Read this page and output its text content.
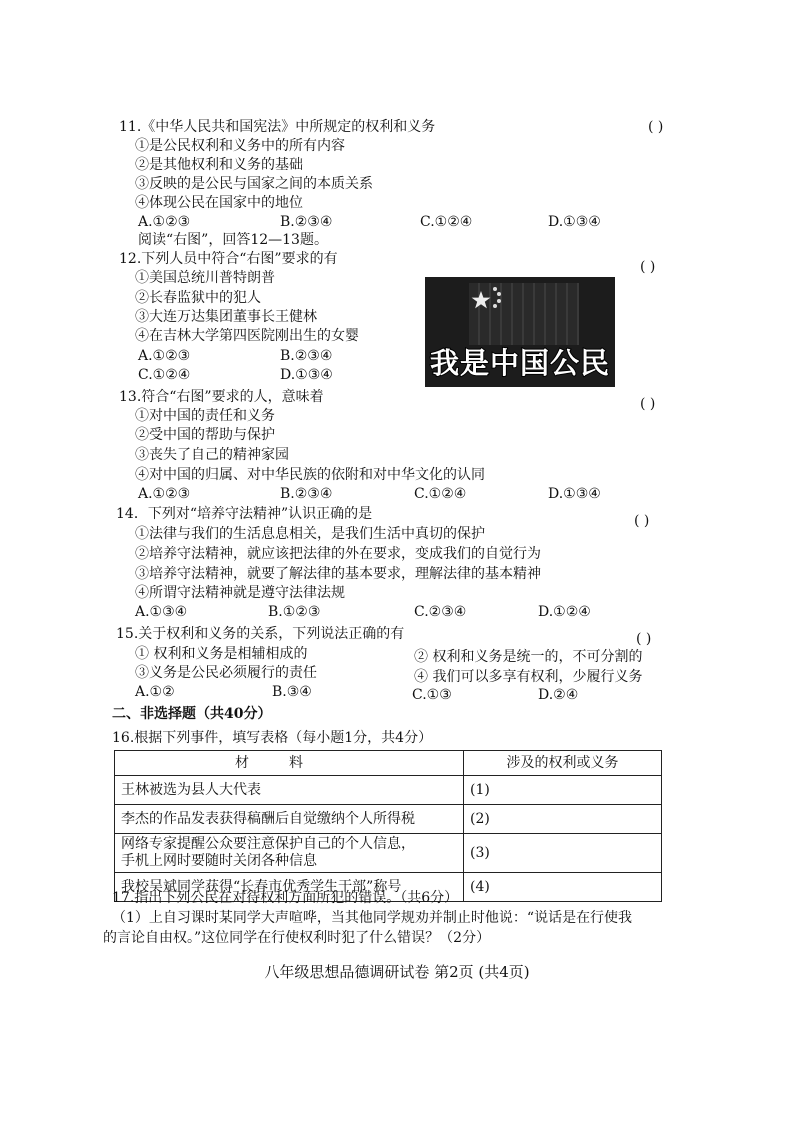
11.《中华人民共和国宪法》中所规定的权利和义务	( )
①是公民权利和义务中的所有内容
②是其他权利和义务的基础
③反映的是公民与国家之间的本质关系
④体现公民在国家中的地位
A.①②③	B.②③④	C.①②④	D.①③④
阅读“右图”，回答12—13题。
12.下列人员中符合“右图”要求的有	( )
①美国总统川普特朗普
②长春监狱中的犯人
③大连万达集团董事长王健林
④在吉林大学第四医院刚出生的女婴
A.①②③	B.②③④
C.①②④	D.①③④	我是中国公民
13.符合“右图”要求的人，意味着	( )
①对中国的责任和义务
②受中国的帮助与保护
③丧失了自己的精神家园
④对中国的归属、对中华民族的依附和对中华文化的认同
A.①②③	B.②③④	C.①②④	D.①③④
14．下列对“培养守法精神”认识正确的是	( )
①法律与我们的生活息息相关，是我们生活中真切的保护
②培养守法精神，就应该把法律的外在要求，变成我们的自觉行为
③培养守法精神，就要了解法律的基本要求，理解法律的基本精神
④所谓守法精神就是遵守法律法规
A.①③④	B.①②③	C.②③④	D.①②④
15.关于权利和义务的关系，下列说法正确的有	( )
① 权利和义务是相辅相成的	② 权利和义务是统一的，不可分割的
③义务是公民必须履行的责任	④ 我们可以多享有权利，少履行义务
A.①②	B.③④	C.①③	D.②④
二、非选择题（共40分）
16.根据下列事件，填写表格（每小题1分，共4分）
材料	涉及的权利或义务
王林被选为县人大代表	(1)
李杰的作品发表获得稿酬后自觉缴纳个人所得税	(2)
网络专家提醒公众要注意保护自己的个人信息，
手机上网时要随时关闭各种信息	(3)
我校吴斌同学获得“长春市优秀学生干部”称号	(4)
17.指出下列公民在对待权利方面所犯的错误。（共6分）
（1）上自习课时某同学大声喧哗，当其他同学规劝并制止时他说：“说话是在行使我
的言论自由权。”这位同学在行使权利时犯了什么错误？（2分）
八年级思想品德调研试卷 第2页 (共4页)
